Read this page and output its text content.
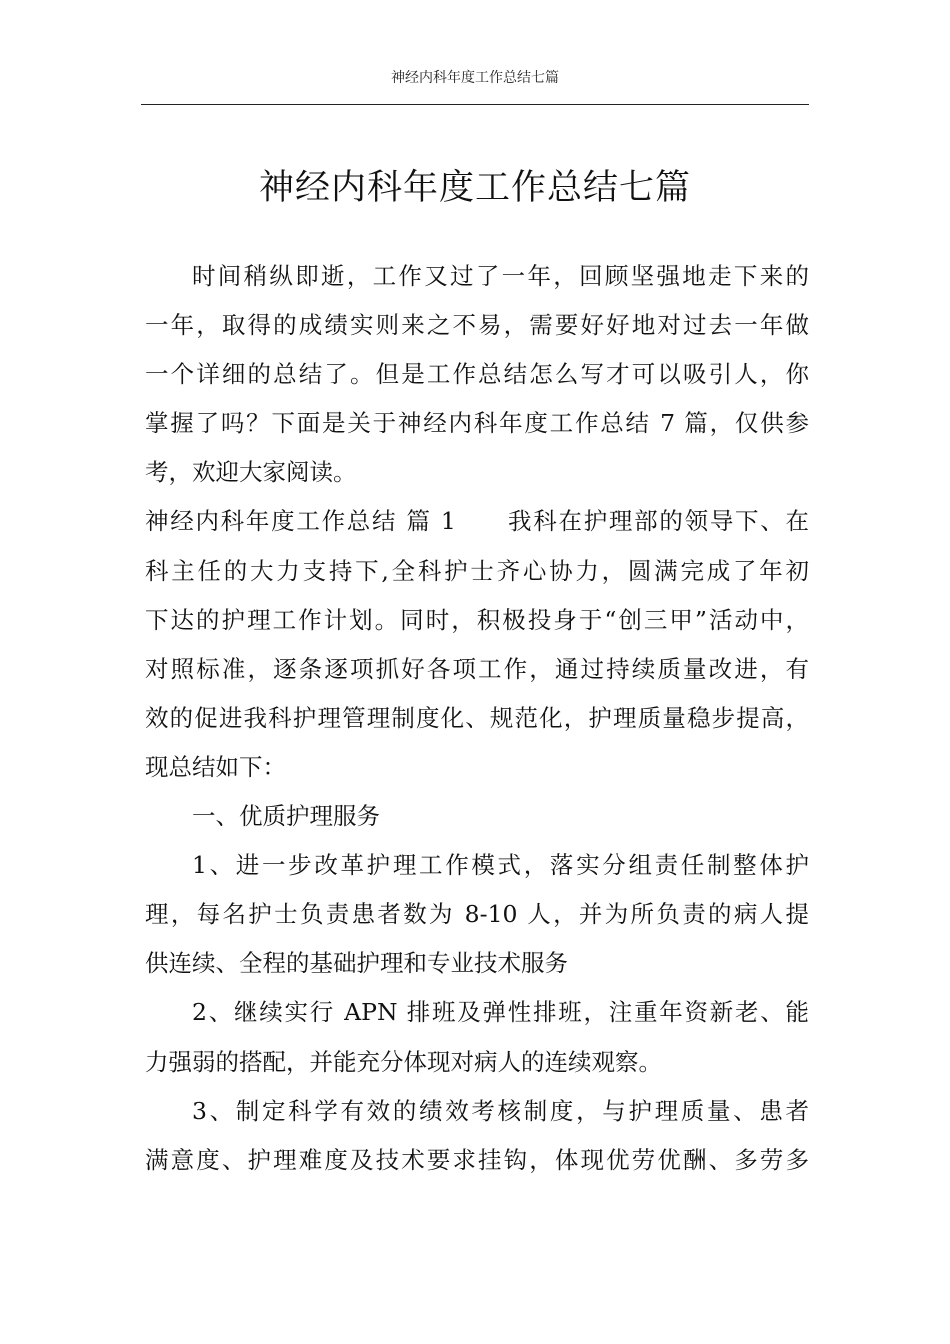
神经内科年度工作总结七篇
神经内科年度工作总结七篇
时间稍纵即逝，工作又过了一年，回顾坚强地走下来的
一年，取得的成绩实则来之不易，需要好好地对过去一年做
一个详细的总结了。但是工作总结怎么写才可以吸引人，你
掌握了吗？下面是关于神经内科年度工作总结 7 篇，仅供参
考，欢迎大家阅读。
神经内科年度工作总结 篇 1　　我科在护理部的领导下、在
科主任的大力支持下,全科护士齐心协力，圆满完成了年初
下达的护理工作计划。同时，积极投身于“创三甲”活动中，
对照标准，逐条逐项抓好各项工作，通过持续质量改进，有
效的促进我科护理管理制度化、规范化，护理质量稳步提高，
现总结如下：
一、优质护理服务
1、进一步改革护理工作模式，落实分组责任制整体护
理，每名护士负责患者数为 8-10 人，并为所负责的病人提
供连续、全程的基础护理和专业技术服务
2、继续实行 APN 排班及弹性排班，注重年资新老、能
力强弱的搭配，并能充分体现对病人的连续观察。
3、制定科学有效的绩效考核制度，与护理质量、患者
满意度、护理难度及技术要求挂钩，体现优劳优酬、多劳多
